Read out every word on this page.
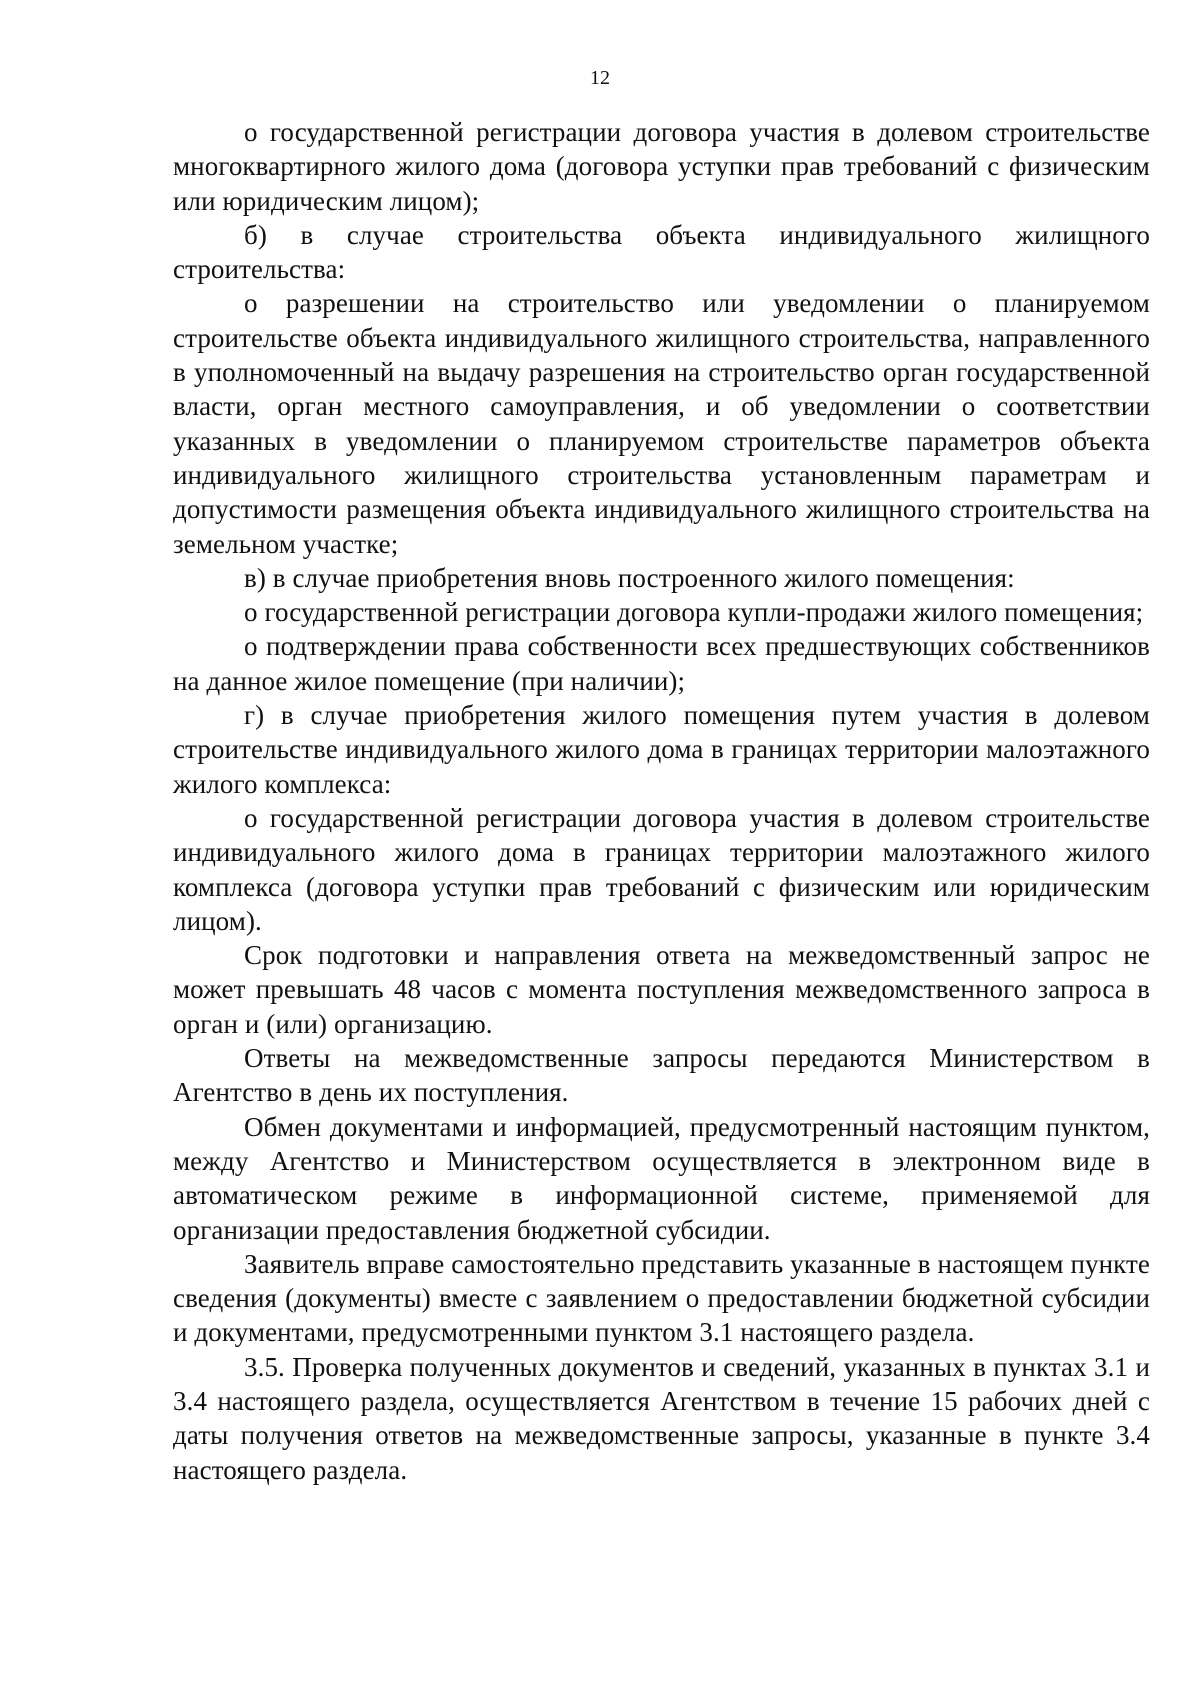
12

о государственной регистрации договора участия в долевом строительстве многоквартирного жилого дома (договора уступки прав требований с физическим или юридическим лицом);

б) в случае строительства объекта индивидуального жилищного строительства:

о разрешении на строительство или уведомлении о планируемом строительстве объекта индивидуального жилищного строительства, направленного в уполномоченный на выдачу разрешения на строительство орган государственной власти, орган местного самоуправления, и об уведомлении о соответствии указанных в уведомлении о планируемом строительстве параметров объекта индивидуального жилищного строительства установленным параметрам и допустимости размещения объекта индивидуального жилищного строительства на земельном участке;

в) в случае приобретения вновь построенного жилого помещения:

о государственной регистрации договора купли-продажи жилого помещения;

о подтверждении права собственности всех предшествующих собственников на данное жилое помещение (при наличии);

г) в случае приобретения жилого помещения путем участия в долевом строительстве индивидуального жилого дома в границах территории малоэтажного жилого комплекса:

о государственной регистрации договора участия в долевом строительстве индивидуального жилого дома в границах территории малоэтажного жилого комплекса (договора уступки прав требований с физическим или юридическим лицом).

Срок подготовки и направления ответа на межведомственный запрос не может превышать 48 часов с момента поступления межведомственного запроса в орган и (или) организацию.

Ответы на межведомственные запросы передаются Министерством в Агентство в день их поступления.

Обмен документами и информацией, предусмотренный настоящим пунктом, между Агентство и Министерством осуществляется в электронном виде в автоматическом режиме в информационной системе, применяемой для организации предоставления бюджетной субсидии.

Заявитель вправе самостоятельно представить указанные в настоящем пункте сведения (документы) вместе с заявлением о предоставлении бюджетной субсидии и документами, предусмотренными пунктом 3.1 настоящего раздела.

3.5. Проверка полученных документов и сведений, указанных в пунктах 3.1 и 3.4 настоящего раздела, осуществляется Агентством в течение 15 рабочих дней с даты получения ответов на межведомственные запросы, указанные в пункте 3.4 настоящего раздела.
